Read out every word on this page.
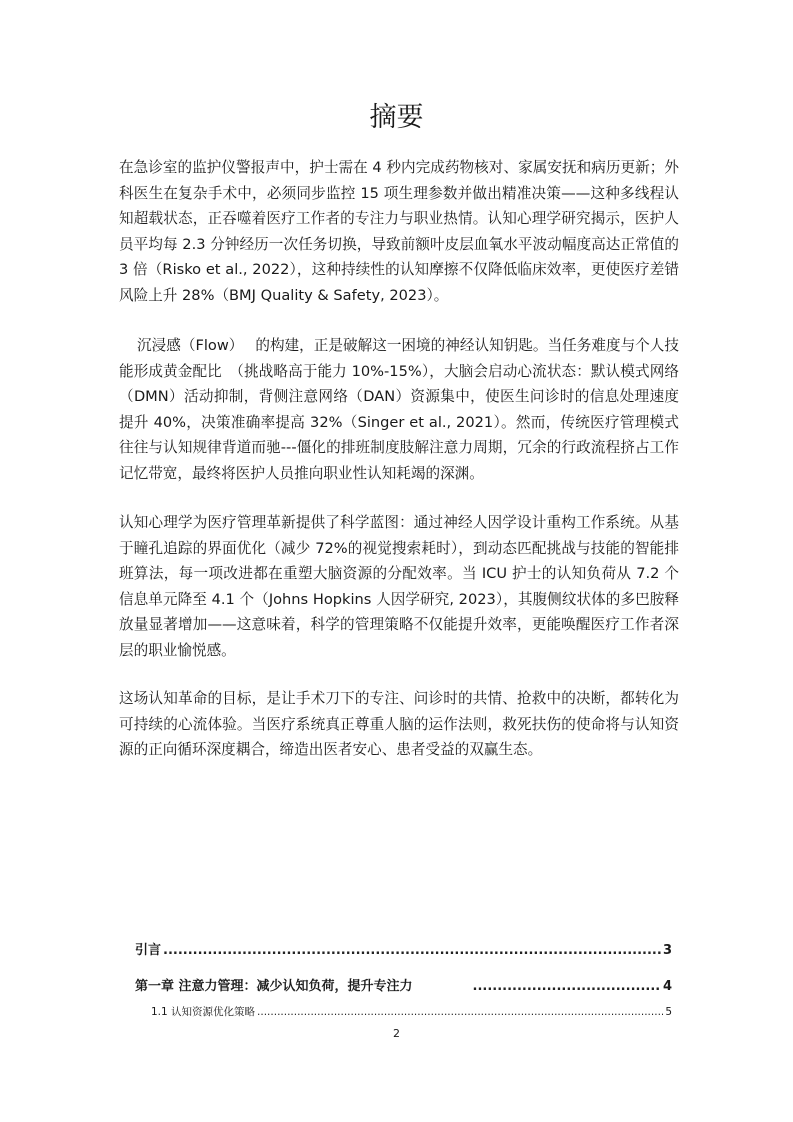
摘要

在急诊室的监护仪警报声中，护士需在 4 秒内完成药物核对、家属安抚和病历更新；外科医生在复杂手术中，必须同步监控 15 项生理参数并做出精准决策——这种多线程认知超载状态，正吞噬着医疗工作者的专注力与职业热情。认知心理学研究揭示，医护人员平均每 2.3 分钟经历一次任务切换，导致前额叶皮层血氧水平波动幅度高达正常值的 3 倍（Risko et al., 2022），这种持续性的认知摩擦不仅降低临床效率，更使医疗差错风险上升 28%（BMJ Quality & Safety, 2023）。

沉浸感（Flow）　 的构建，正是破解这一困境的神经认知钥匙。当任务难度与个人技能形成黄金配比　（挑战略高于能力 10%-15%），大脑会启动心流状态：默认模式网络（DMN）活动抑制，背侧注意网络（DAN）资源集中，使医生问诊时的信息处理速度提升 40%，决策准确率提高 32%（Singer et al., 2021）。然而，传统医疗管理模式往往与认知规律背道而驰---僵化的排班制度肢解注意力周期，冗余的行政流程挤占工作记忆带宽，最终将医护人员推向职业性认知耗竭的深渊。

认知心理学为医疗管理革新提供了科学蓝图：通过神经人因学设计重构工作系统。从基于瞳孔追踪的界面优化（减少 72%的视觉搜索耗时），到动态匹配挑战与技能的智能排班算法，每一项改进都在重塑大脑资源的分配效率。当 ICU 护士的认知负荷从 7.2 个信息单元降至 4.1 个（Johns Hopkins 人因学研究, 2023），其腹侧纹状体的多巴胺释放量显著增加——这意味着，科学的管理策略不仅能提升效率，更能唤醒医疗工作者深层的职业愉悦感。

这场认知革命的目标，是让手术刀下的专注、问诊时的共情、抢救中的决断，都转化为可持续的心流体验。当医疗系统真正尊重人脑的运作法则，救死扶伤的使命将与认知资源的正向循环深度耦合，缔造出医者安心、患者受益的双赢生态。

引言 .....	3
第一章 注意力管理：减少认知负荷，提升专注力 .....	4
1.1 认知资源优化策略 .....	5
2
